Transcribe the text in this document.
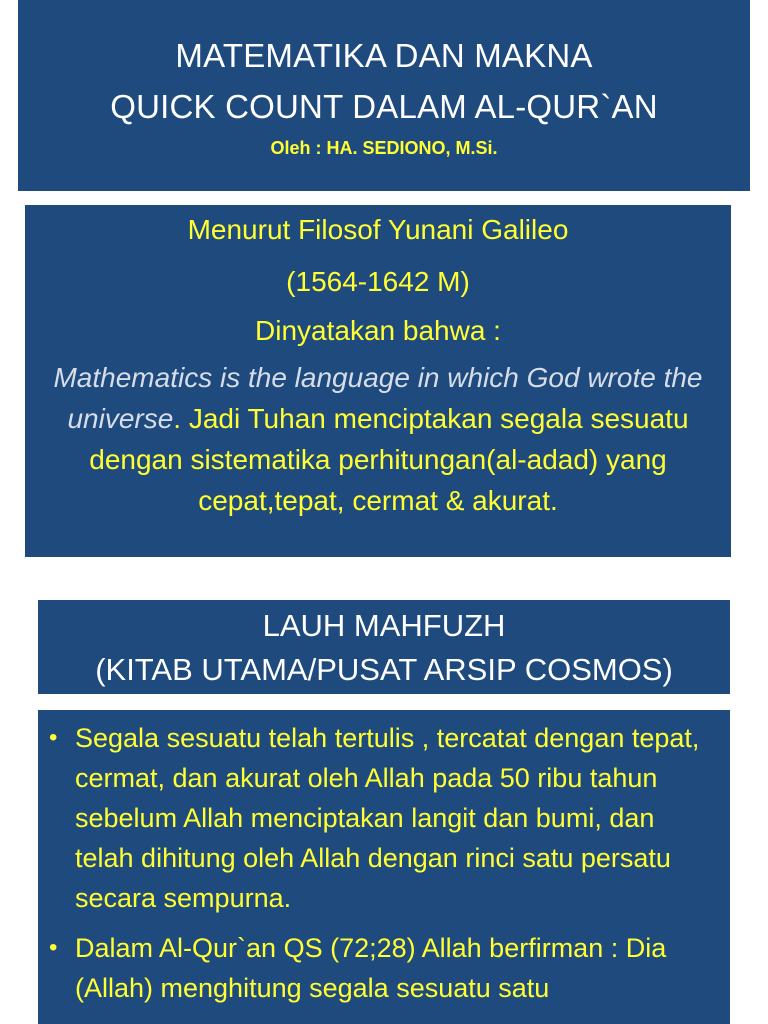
MATEMATIKA DAN MAKNA
QUICK COUNT DALAM AL-QUR`AN
Oleh : HA. SEDIONO, M.Si.
Menurut Filosof Yunani Galileo
(1564-1642 M)
Dinyatakan bahwa :
Mathematics is the language in which God wrote the universe. Jadi Tuhan menciptakan segala sesuatu dengan sistematika perhitungan(al-adad) yang cepat,tepat, cermat & akurat.
LAUH MAHFUZH
(KITAB UTAMA/PUSAT ARSIP COSMOS)
• Segala sesuatu telah tertulis , tercatat dengan tepat, cermat, dan akurat oleh Allah pada 50 ribu tahun sebelum Allah menciptakan langit dan bumi, dan telah dihitung oleh Allah dengan rinci satu persatu secara sempurna.
• Dalam Al-Qur`an QS (72;28) Allah berfirman : Dia (Allah) menghitung segala sesuatu satu
